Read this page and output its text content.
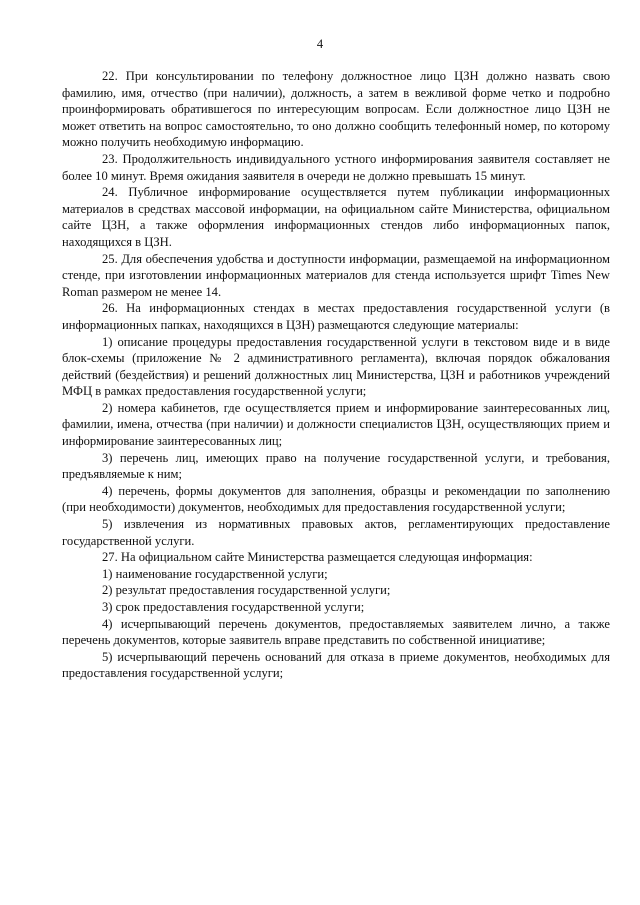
4

22. При консультировании по телефону должностное лицо ЦЗН должно назвать свою фамилию, имя, отчество (при наличии), должность, а затем в вежливой форме четко и подробно проинформировать обратившегося по интересующим вопросам. Если должностное лицо ЦЗН не может ответить на вопрос самостоятельно, то оно должно сообщить телефонный номер, по которому можно получить необходимую информацию.

23. Продолжительность индивидуального устного информирования заявителя составляет не более 10 минут. Время ожидания заявителя в очереди не должно превышать 15 минут.

24. Публичное информирование осуществляется путем публикации информационных материалов в средствах массовой информации, на официальном сайте Министерства, официальном сайте ЦЗН, а также оформления информационных стендов либо информационных папок, находящихся в ЦЗН.

25. Для обеспечения удобства и доступности информации, размещаемой на информационном стенде, при изготовлении информационных материалов для стенда используется шрифт Times New Roman размером не менее 14.

26. На информационных стендах в местах предоставления государственной услуги (в информационных папках, находящихся в ЦЗН) размещаются следующие материалы:

1) описание процедуры предоставления государственной услуги в текстовом виде и в виде блок-схемы (приложение № 2 административного регламента), включая порядок обжалования действий (бездействия) и решений должностных лиц Министерства, ЦЗН и работников учреждений МФЦ в рамках предоставления государственной услуги;

2) номера кабинетов, где осуществляется прием и информирование заинтересованных лиц, фамилии, имена, отчества (при наличии) и должности специалистов ЦЗН, осуществляющих прием и информирование заинтересованных лиц;

3) перечень лиц, имеющих право на получение государственной услуги, и требования, предъявляемые к ним;

4) перечень, формы документов для заполнения, образцы и рекомендации по заполнению (при необходимости) документов, необходимых для предоставления государственной услуги;

5) извлечения из нормативных правовых актов, регламентирующих предоставление государственной услуги.

27. На официальном сайте Министерства размещается следующая информация:

1) наименование государственной услуги;

2) результат предоставления государственной услуги;

3) срок предоставления государственной услуги;

4) исчерпывающий перечень документов, предоставляемых заявителем лично, а также перечень документов, которые заявитель вправе представить по собственной инициативе;

5) исчерпывающий перечень оснований для отказа в приеме документов, необходимых для предоставления государственной услуги;
